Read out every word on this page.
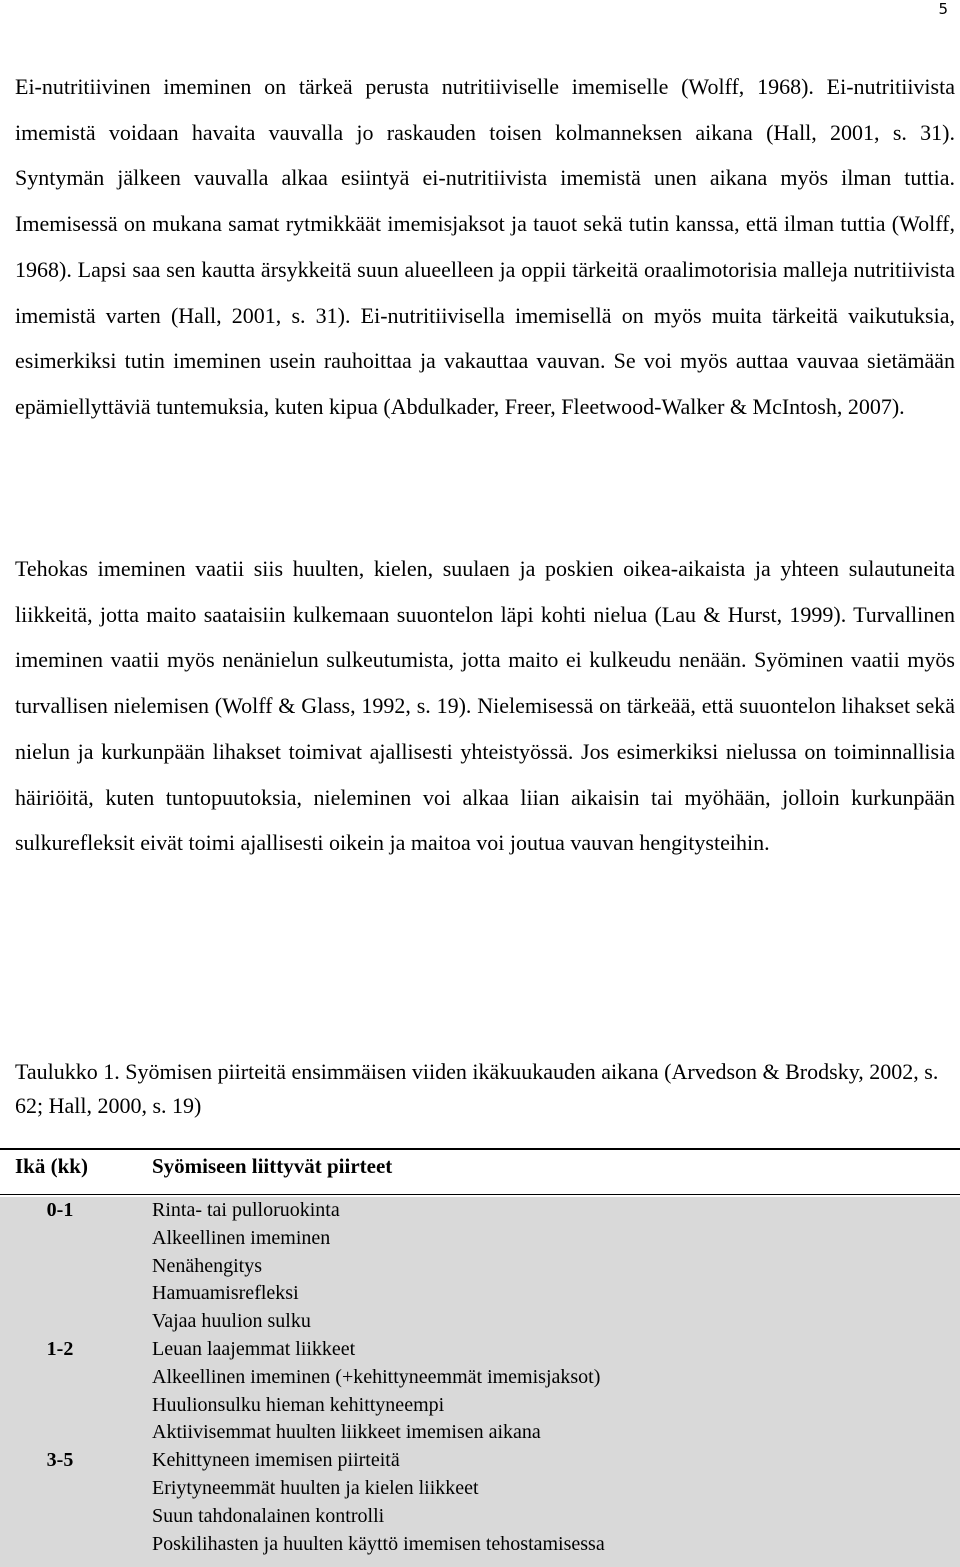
5

Ei-nutritiivinen imeminen on tärkeä perusta nutritiiviselle imemiselle (Wolff, 1968). Ei-nutritiivista imemistä voidaan havaita vauvalla jo raskauden toisen kolmanneksen aikana (Hall, 2001, s. 31). Syntymän jälkeen vauvalla alkaa esiintyä ei-nutritiivista imemistä unen aikana myös ilman tuttia. Imemisessä on mukana samat rytmikkäät imemisjaksot ja tauot sekä tutin kanssa, että ilman tuttia (Wolff, 1968). Lapsi saa sen kautta ärsykkeitä suun alueelleen ja oppii tärkeitä oraalimotorisia malleja nutritiivista imemistä varten (Hall, 2001, s. 31). Ei-nutritiivisella imemisellä on myös muita tärkeitä vaikutuksia, esimerkiksi tutin imeminen usein rauhoittaa ja vakauttaa vauvan. Se voi myös auttaa vauvaa sietämään epämiellyttäviä tuntemuksia, kuten kipua (Abdulkader, Freer, Fleetwood-Walker & McIntosh, 2007).

Tehokas imeminen vaatii siis huulten, kielen, suulaen ja poskien oikea-aikaista ja yhteen sulautuneita liikkeitä, jotta maito saataisiin kulkemaan suuontelon läpi kohti nielua (Lau & Hurst, 1999). Turvallinen imeminen vaatii myös nenänielun sulkeutumista, jotta maito ei kulkeudu nenään. Syöminen vaatii myös turvallisen nielemisen (Wolff & Glass, 1992, s. 19). Nielemisessä on tärkeää, että suuontelon lihakset sekä nielun ja kurkunpään lihakset toimivat ajallisesti yhteistyössä. Jos esimerkiksi nielussa on toiminnallisia häiriöitä, kuten tuntopuutoksia, nieleminen voi alkaa liian aikaisin tai myöhään, jolloin kurkunpään sulkurefleksit eivät toimi ajallisesti oikein ja maitoa voi joutua vauvan hengitysteihin.

Taulukko 1. Syömisen piirteitä ensimmäisen viiden ikäkuukauden aikana (Arvedson & Brodsky, 2002, s. 62; Hall, 2000, s. 19)

Ikä (kk)	Syömiseen liittyvät piirteet
0-1	Rinta- tai pulloruokinta
Alkeellinen imeminen
Nenähengitys
Hamuamisrefleksi
Vajaa huulion sulku
1-2	Leuan laajemmat liikkeet
Alkeellinen imeminen (+kehittyneemmät imemisjaksot)
Huulionsulku hieman kehittyneempi
Aktiivisemmat huulten liikkeet imemisen aikana
3-5	Kehittyneen imemisen piirteitä
Eriytyneemmät huulten ja kielen liikkeet
Suun tahdonalainen kontrolli
Poskilihasten ja huulten käyttö imemisen tehostamisessa
